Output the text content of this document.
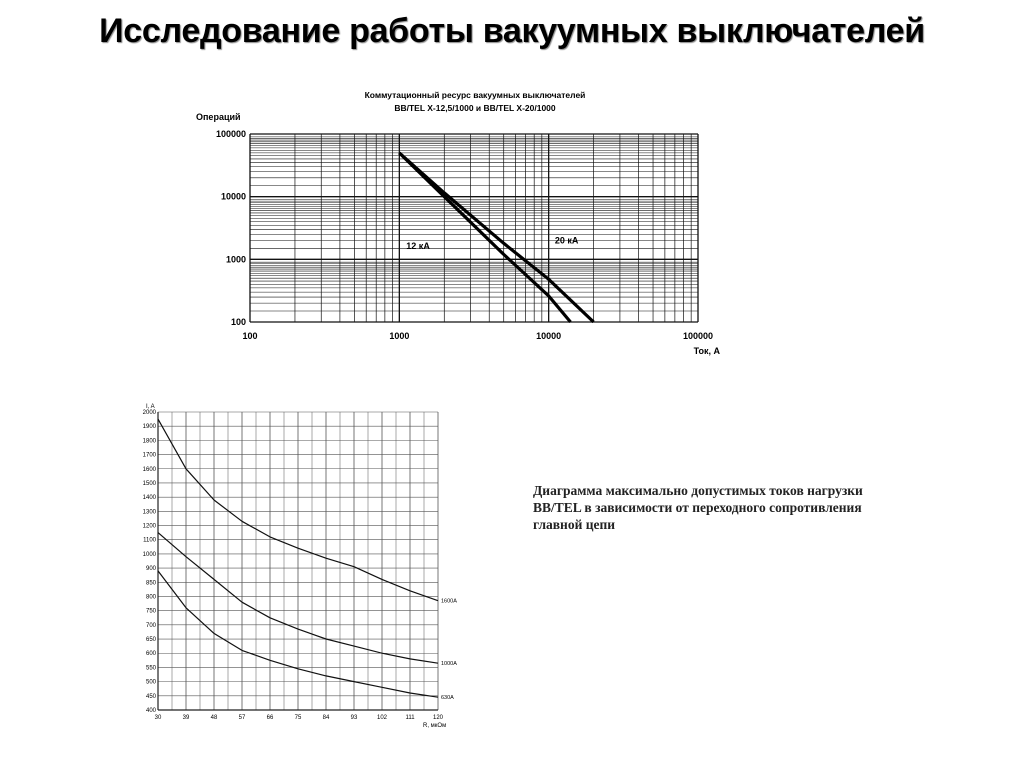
Исследование работы вакуумных выключателей
Коммутационный ресурс вакуумных выключателей
BB/TEL X-12,5/1000 и BB/TEL X-20/1000
Операций
Ток, А
100
1000
10000
100000
100	1000	10000	100000
12 кА
20 кА
I, A
R, мкОм
400
450
500
550
600
650
700
750
800
850
900
1000
1100
1200
1300
1400
1500
1600
1700
1800
1900
2000
30	39	48	57	66	75	84	93	102	111	120
1600A
1000A
630A
Диаграмма максимально допустимых токов нагрузки
BB/TEL в зависимости от переходного сопротивления
главной цепи
